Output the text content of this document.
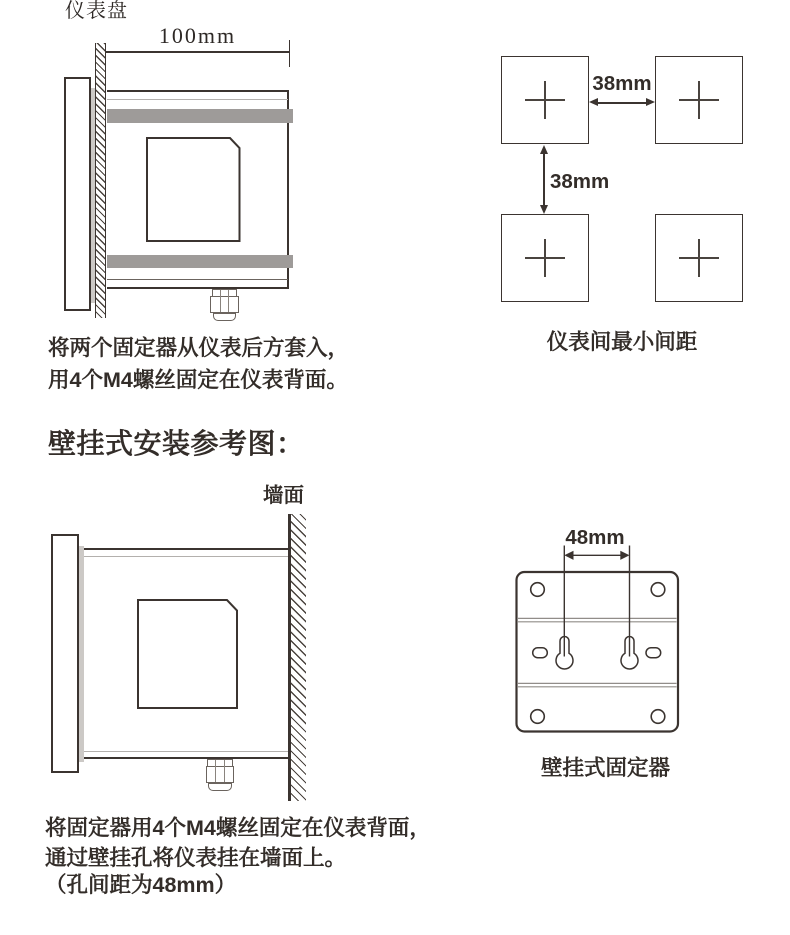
仪表盘
100mm
将两个固定器从仪表后方套入，
用4个M4螺丝固定在仪表背面。
38mm
38mm
仪表间最小间距
壁挂式安装参考图：
墙面
将固定器用4个M4螺丝固定在仪表背面，
通过壁挂孔将仪表挂在墙面上。
（孔间距为48mm）
48mm
壁挂式固定器
